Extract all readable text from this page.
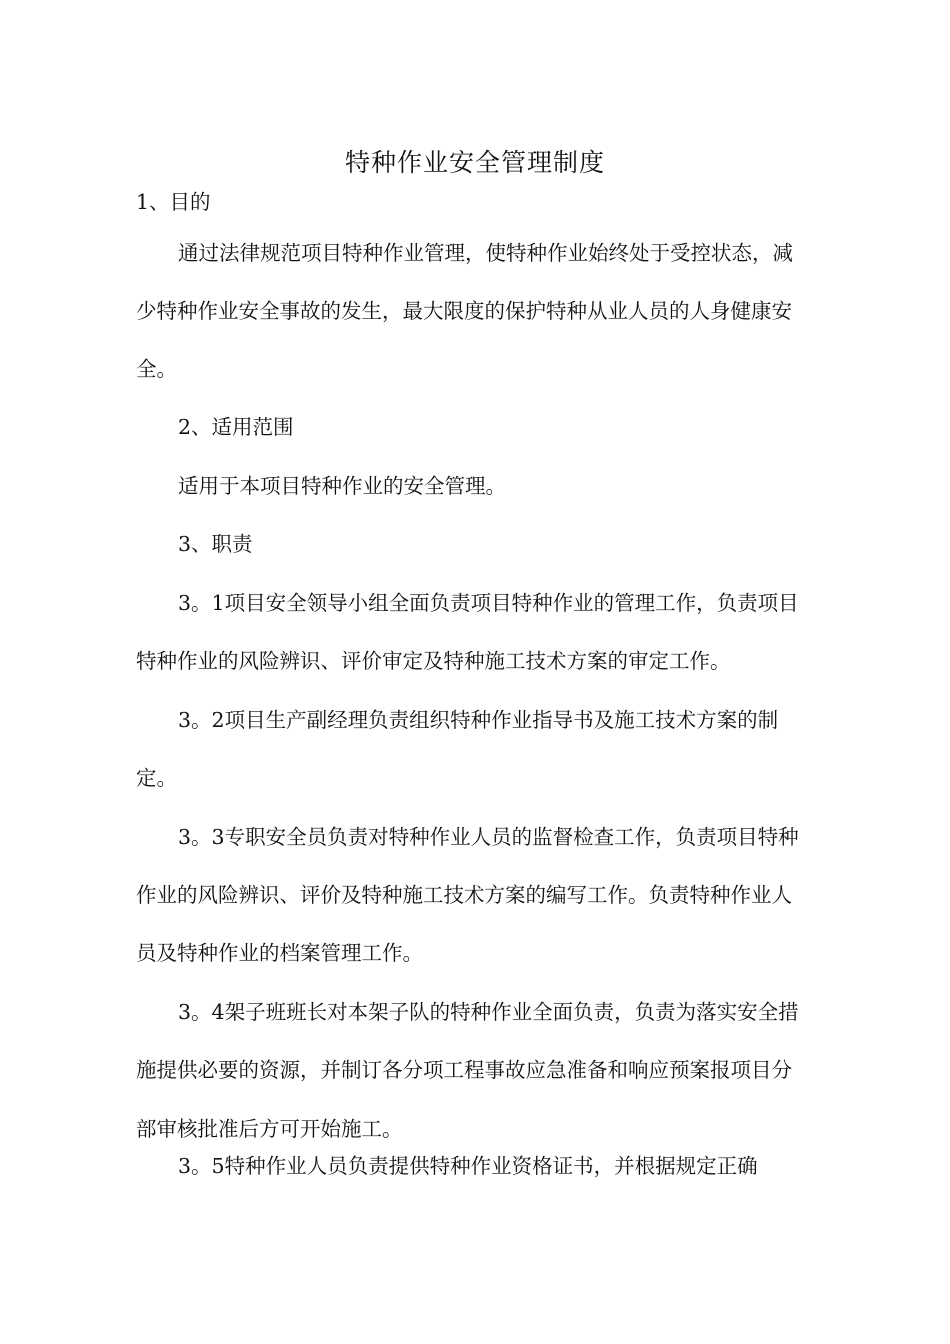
特种作业安全管理制度

1、目的

通过法律规范项目特种作业管理，使特种作业始终处于受控状态，减

少特种作业安全事故的发生，最大限度的保护特种从业人员的人身健康安

全。

2、适用范围

适用于本项目特种作业的安全管理。

3、职责

3。1项目安全领导小组全面负责项目特种作业的管理工作，负责项目

特种作业的风险辨识、评价审定及特种施工技术方案的审定工作。

3。2项目生产副经理负责组织特种作业指导书及施工技术方案的制

定。

3。3专职安全员负责对特种作业人员的监督检查工作，负责项目特种

作业的风险辨识、评价及特种施工技术方案的编写工作。负责特种作业人

员及特种作业的档案管理工作。

3。4架子班班长对本架子队的特种作业全面负责，负责为落实安全措

施提供必要的资源，并制订各分项工程事故应急准备和响应预案报项目分

部审核批准后方可开始施工。

3。5特种作业人员负责提供特种作业资格证书，并根据规定正确
